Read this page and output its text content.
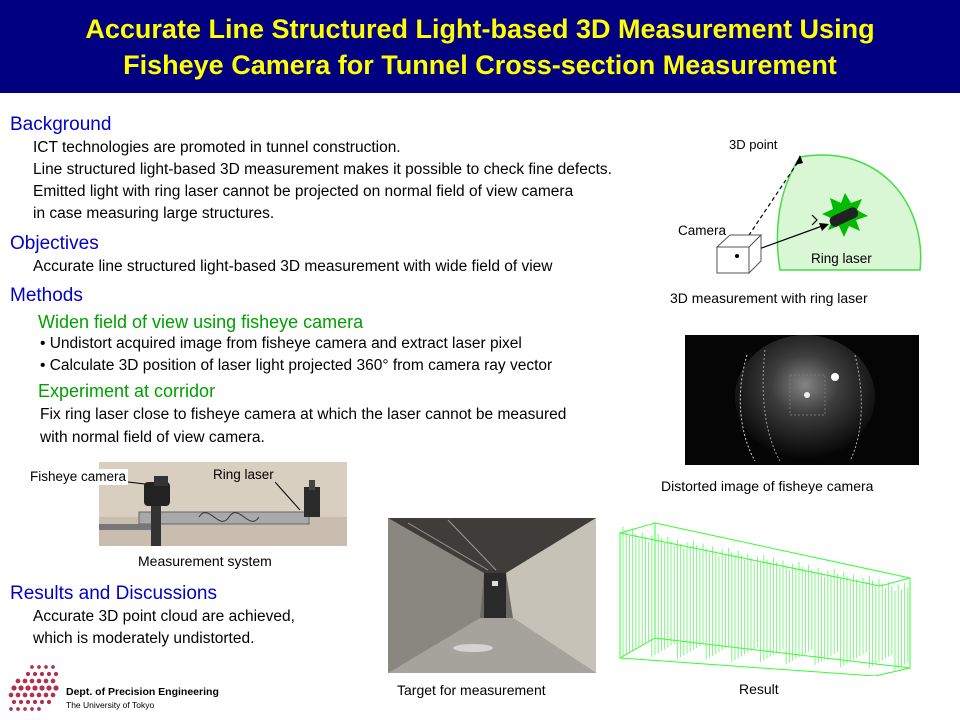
Accurate Line Structured Light-based 3D Measurement Using
Fisheye Camera for Tunnel Cross-section Measurement
Background
ICT technologies are promoted in tunnel construction.
Line structured light-based 3D measurement makes it possible to check fine defects.
Emitted light with ring laser cannot be projected on normal field of view camera
in case measuring large structures.
Objectives
Accurate line structured light-based 3D measurement with wide field of view
Methods
Widen field of view using fisheye camera
• Undistort acquired image from fisheye camera and extract laser pixel
• Calculate 3D position of laser light projected 360° from camera ray vector
Experiment at corridor
Fix ring laser close to fisheye camera at which the laser cannot be measured
with normal field of view camera.
3D point
Camera
Ring laser
3D measurement with ring laser
Distorted image of fisheye camera
Fisheye camera	Ring laser
Measurement system
Target for measurement	Result
Results and Discussions
Accurate 3D point cloud are achieved,
which is moderately undistorted.
Dept. of Precision Engineering
The University of Tokyo
